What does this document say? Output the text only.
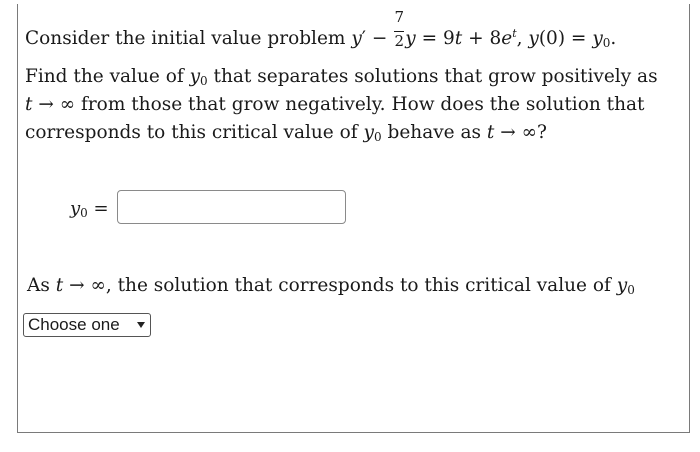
Consider the initial value problem $y' - \frac{7}{2}$ $y = 9t + 8e^t$, $y(0) = y_0$.
Find the value of $y_0$ that separates solutions that grow positively as
t → ∞ from those that grow negatively. How does the solution that
corresponds to this critical value of $y_0$ behave as t → ∞?
$y_0$ =
As t → ∞, the solution that corresponds to this critical value of $y_0$
Choose one
